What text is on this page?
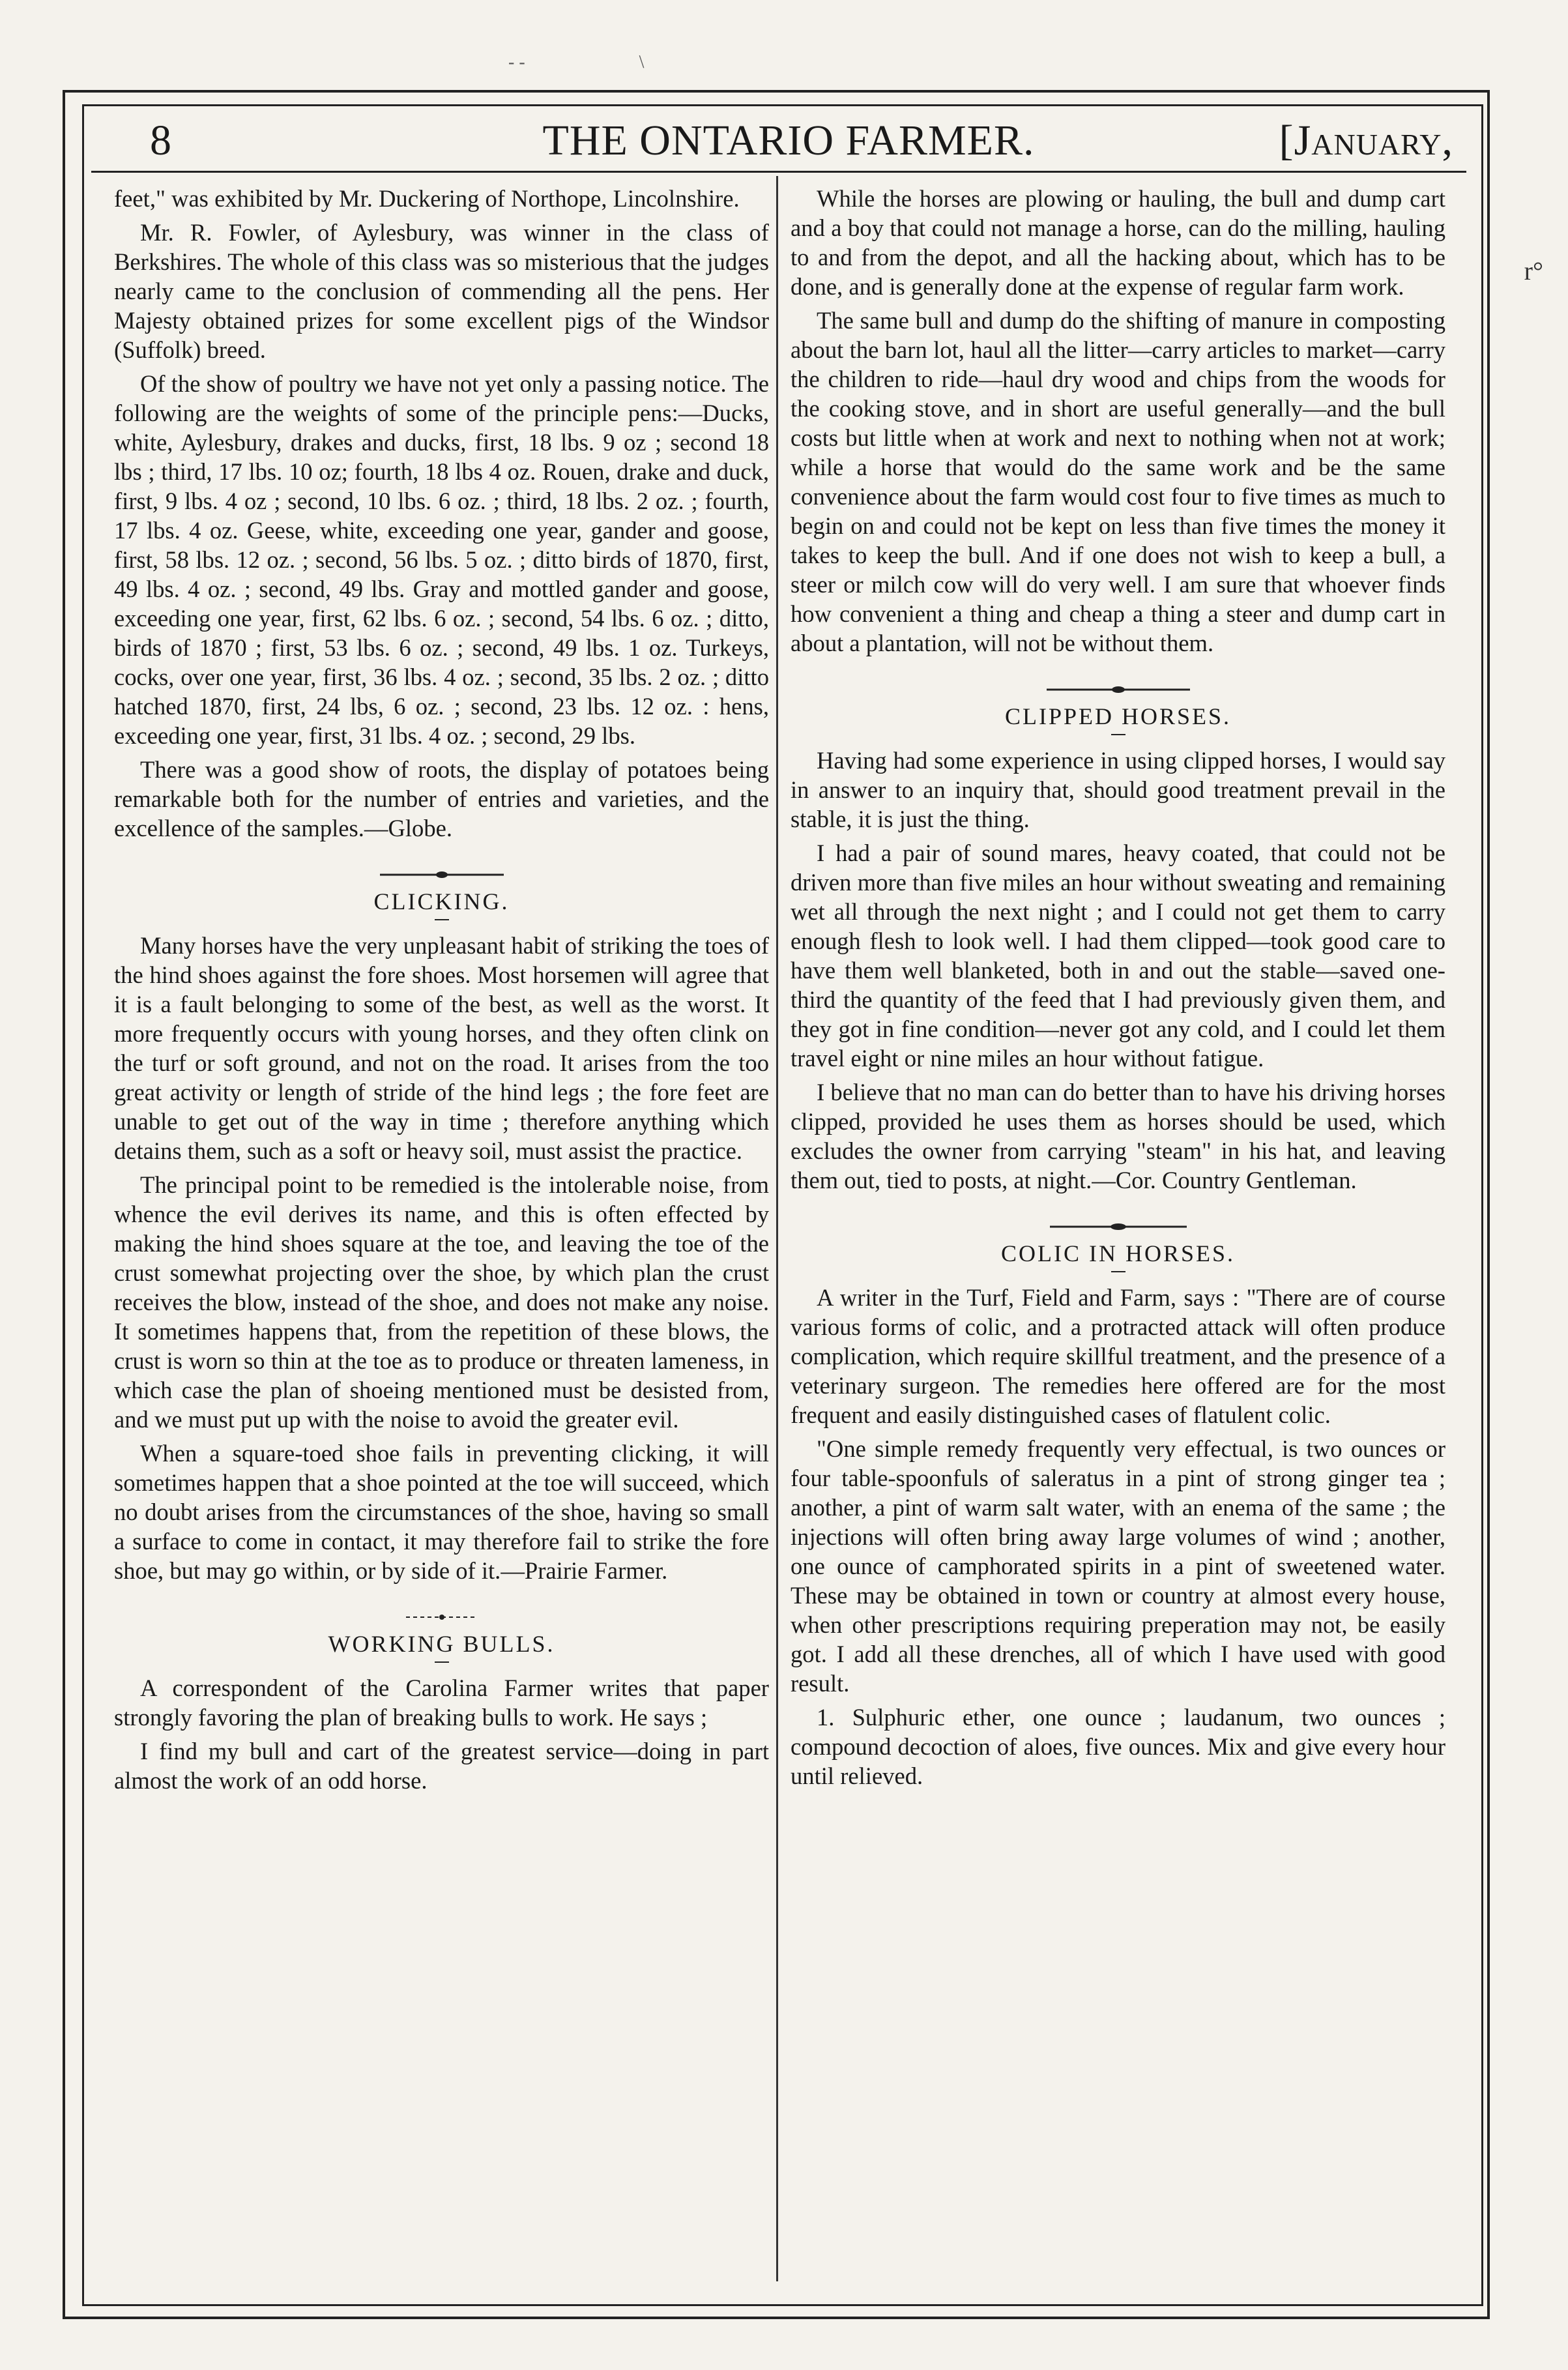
- -                         \
8	THE ONTARIO FARMER.	[January,

feet," was exhibited by Mr. Duckering of Northope, Lincolnshire.

Mr. R. Fowler, of Aylesbury, was winner in the class of Berkshires. The whole of this class was so misterious that the judges nearly came to the conclusion of commending all the pens. Her Majesty obtained prizes for some excellent pigs of the Windsor (Suffolk) breed.

Of the show of poultry we have not yet only a passing notice. The following are the weights of some of the principle pens:—Ducks, white, Aylesbury, drakes and ducks, first, 18 lbs. 9 oz ; second 18 lbs ; third, 17 lbs. 10 oz; fourth, 18 lbs 4 oz. Rouen, drake and duck, first, 9 lbs. 4 oz ; second, 10 lbs. 6 oz. ; third, 18 lbs. 2 oz. ; fourth, 17 lbs. 4 oz. Geese, white, exceeding one year, gander and goose, first, 58 lbs. 12 oz. ; second, 56 lbs. 5 oz. ; ditto birds of 1870, first, 49 lbs. 4 oz. ; second, 49 lbs. Gray and mottled gander and goose, exceeding one year, first, 62 lbs. 6 oz. ; second, 54 lbs. 6 oz. ; ditto, birds of 1870 ; first, 53 lbs. 6 oz. ; second, 49 lbs. 1 oz. Turkeys, cocks, over one year, first, 36 lbs. 4 oz. ; second, 35 lbs. 2 oz. ; ditto hatched 1870, first, 24 lbs, 6 oz. ; second, 23 lbs. 12 oz. : hens, exceeding one year, first, 31 lbs. 4 oz. ; second, 29 lbs.

There was a good show of roots, the display of potatoes being remarkable both for the number of entries and varieties, and the excellence of the samples.—Globe.

CLICKING.

Many horses have the very unpleasant habit of striking the toes of the hind shoes against the fore shoes. Most horsemen will agree that it is a fault belonging to some of the best, as well as the worst. It more frequently occurs with young horses, and they often clink on the turf or soft ground, and not on the road. It arises from the too great activity or length of stride of the hind legs ; the fore feet are unable to get out of the way in time ; therefore anything which detains them, such as a soft or heavy soil, must assist the practice.

The principal point to be remedied is the intolerable noise, from whence the evil derives its name, and this is often effected by making the hind shoes square at the toe, and leaving the toe of the crust somewhat projecting over the shoe, by which plan the crust receives the blow, instead of the shoe, and does not make any noise. It sometimes happens that, from the repetition of these blows, the crust is worn so thin at the toe as to produce or threaten lameness, in which case the plan of shoeing mentioned must be desisted from, and we must put up with the noise to avoid the greater evil.

When a square-toed shoe fails in preventing clicking, it will sometimes happen that a shoe pointed at the toe will succeed, which no doubt arises from the circumstances of the shoe, having so small a surface to come in contact, it may therefore fail to strike the fore shoe, but may go within, or by side of it.—Prairie Farmer.

WORKING BULLS.

A correspondent of the Carolina Farmer writes that paper strongly favoring the plan of breaking bulls to work. He says ;

I find my bull and cart of the greatest service—doing in part almost the work of an odd horse.

While the horses are plowing or hauling, the bull and dump cart and a boy that could not manage a horse, can do the milling, hauling to and from the depot, and all the hacking about, which has to be done, and is generally done at the expense of regular farm work.

The same bull and dump do the shifting of manure in composting about the barn lot, haul all the litter—carry articles to market—carry the children to ride—haul dry wood and chips from the woods for the cooking stove, and in short are useful generally—and the bull costs but little when at work and next to nothing when not at work; while a horse that would do the same work and be the same convenience about the farm would cost four to five times as much to begin on and could not be kept on less than five times the money it takes to keep the bull. And if one does not wish to keep a bull, a steer or milch cow will do very well. I am sure that whoever finds how convenient a thing and cheap a thing a steer and dump cart in about a plantation, will not be without them.

CLIPPED HORSES.

Having had some experience in using clipped horses, I would say in answer to an inquiry that, should good treatment prevail in the stable, it is just the thing.

I had a pair of sound mares, heavy coated, that could not be driven more than five miles an hour without sweating and remaining wet all through the next night ; and I could not get them to carry enough flesh to look well. I had them clipped—took good care to have them well blanketed, both in and out the stable—saved one-third the quantity of the feed that I had previously given them, and they got in fine condition—never got any cold, and I could let them travel eight or nine miles an hour without fatigue.

I believe that no man can do better than to have his driving horses clipped, provided he uses them as horses should be used, which excludes the owner from carrying "steam" in his hat, and leaving them out, tied to posts, at night.—Cor. Country Gentleman.

COLIC IN HORSES.

A writer in the Turf, Field and Farm, says : "There are of course various forms of colic, and a protracted attack will often produce complication, which require skillful treatment, and the presence of a veterinary surgeon. The remedies here offered are for the most frequent and easily distinguished cases of flatulent colic.

"One simple remedy frequently very effectual, is two ounces or four table-spoonfuls of saleratus in a pint of strong ginger tea ; another, a pint of warm salt water, with an enema of the same ; the injections will often bring away large volumes of wind ; another, one ounce of camphorated spirits in a pint of sweetened water. These may be obtained in town or country at almost every house, when other prescriptions requiring preperation may not, be easily got. I add all these drenches, all of which I have used with good result.

1. Sulphuric ether, one ounce ; laudanum, two ounces ; compound decoction of aloes, five ounces. Mix and give every hour until relieved.

r°
